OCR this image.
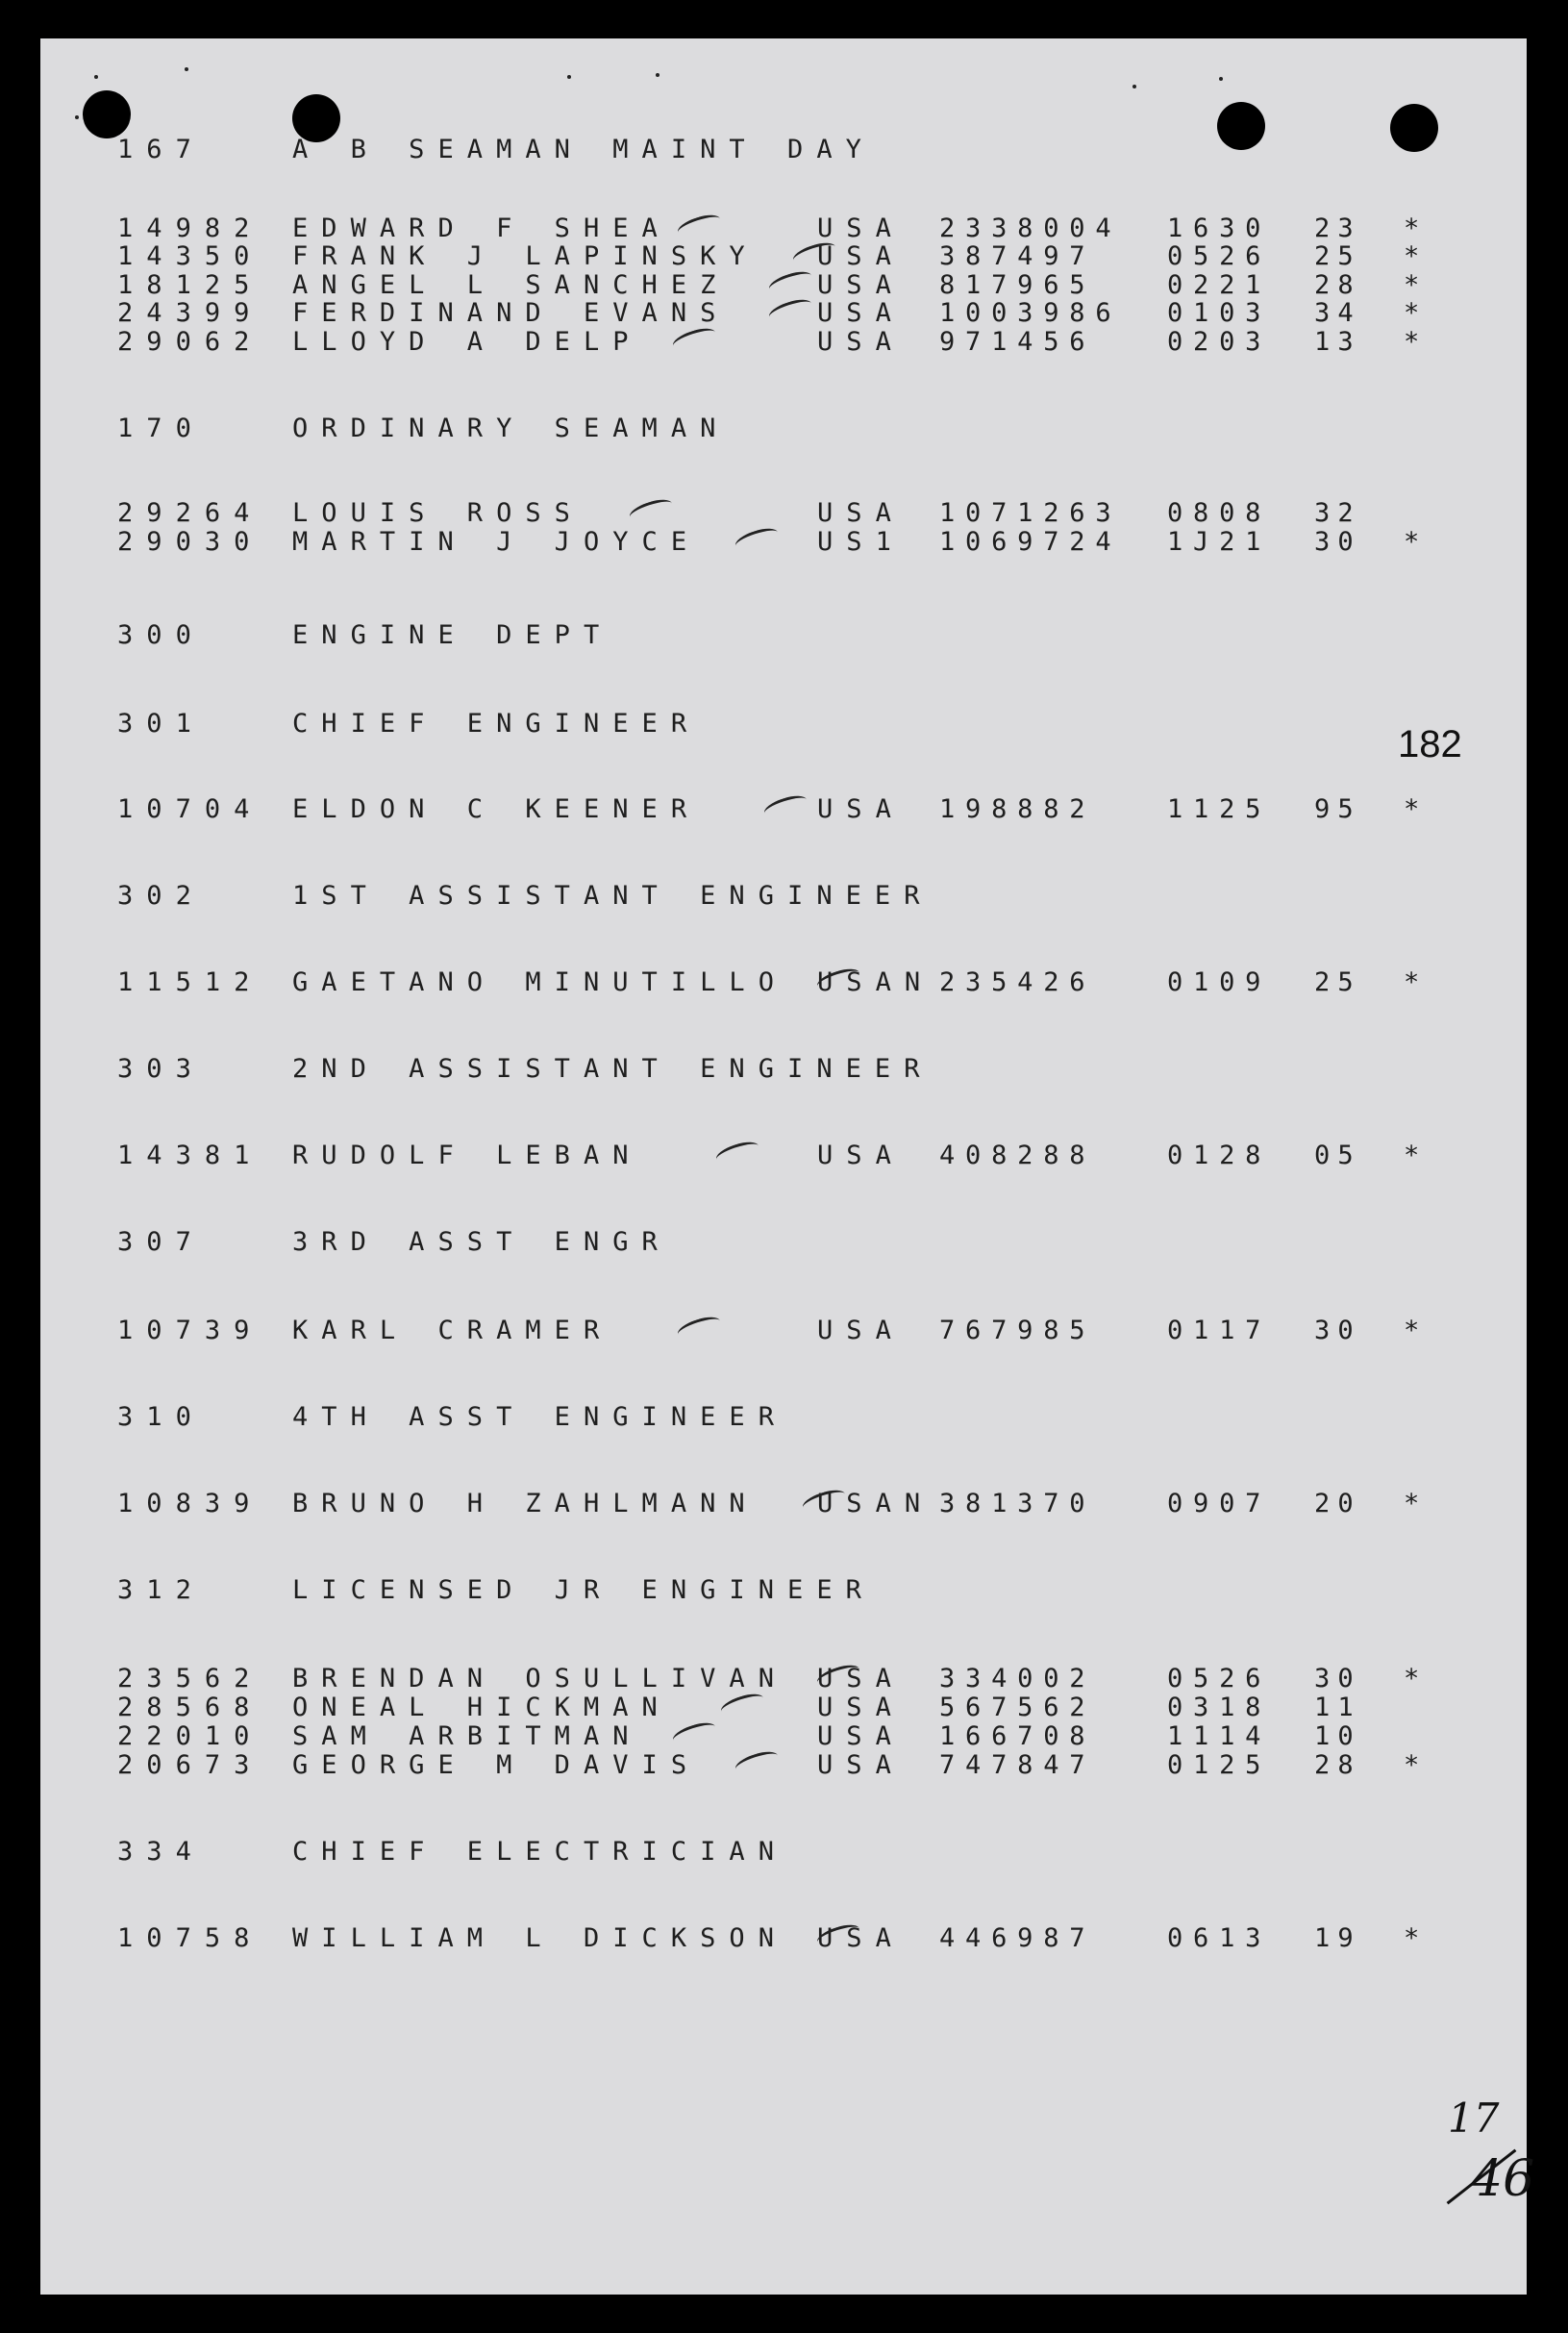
182
167	A B SEAMAN MAINT DAY
14982 EDWARD F SHEA	USA 2338004 1630 23 *
14350 FRANK J LAPINSKY USA 387497	0526 25 *
18125 ANGEL L SANCHEZ	USA 817965	0221 28 *
24399 FERDINAND EVANS	USA 1003986 0103 34 *
29062 LLOYD A DELP	USA 971456	0203 13 *
170	ORDINARY SEAMAN
29264 LOUIS ROSS	USA 1071263 0808 32
29030 MARTIN J JOYCE	US1 1069724 1J21 30 *
300	ENGINE DEPT
301	CHIEF ENGINEER
10704 ELDON C KEENER	USA 198882	1125 95 *
302	1ST ASSISTANT ENGINEER
11512 GAETANO MINUTILLO USAN 235426	0109 25 *
303	2ND ASSISTANT ENGINEER
14381 RUDOLF LEBAN	USA 408288	0128 05 *
307	3RD ASST ENGR
10739 KARL CRAMER	USA 767985	0117 30 *
310	4TH ASST ENGINEER
10839 BRUNO H ZAHLMANN USAN 381370	0907 20 *
312	LICENSED JR ENGINEER
23562 BRENDAN OSULLIVAN USA 334002	0526 30 *
28568 ONEAL HICKMAN	USA 567562	0318 11
22010 SAM ARBITMAN	USA 166708	1114 10
20673 GEORGE M DAVIS	USA 747847	0125 28 *
334	CHIEF ELECTRICIAN
10758 WILLIAM L DICKSON USA 446987	0613 19 *
17
46
